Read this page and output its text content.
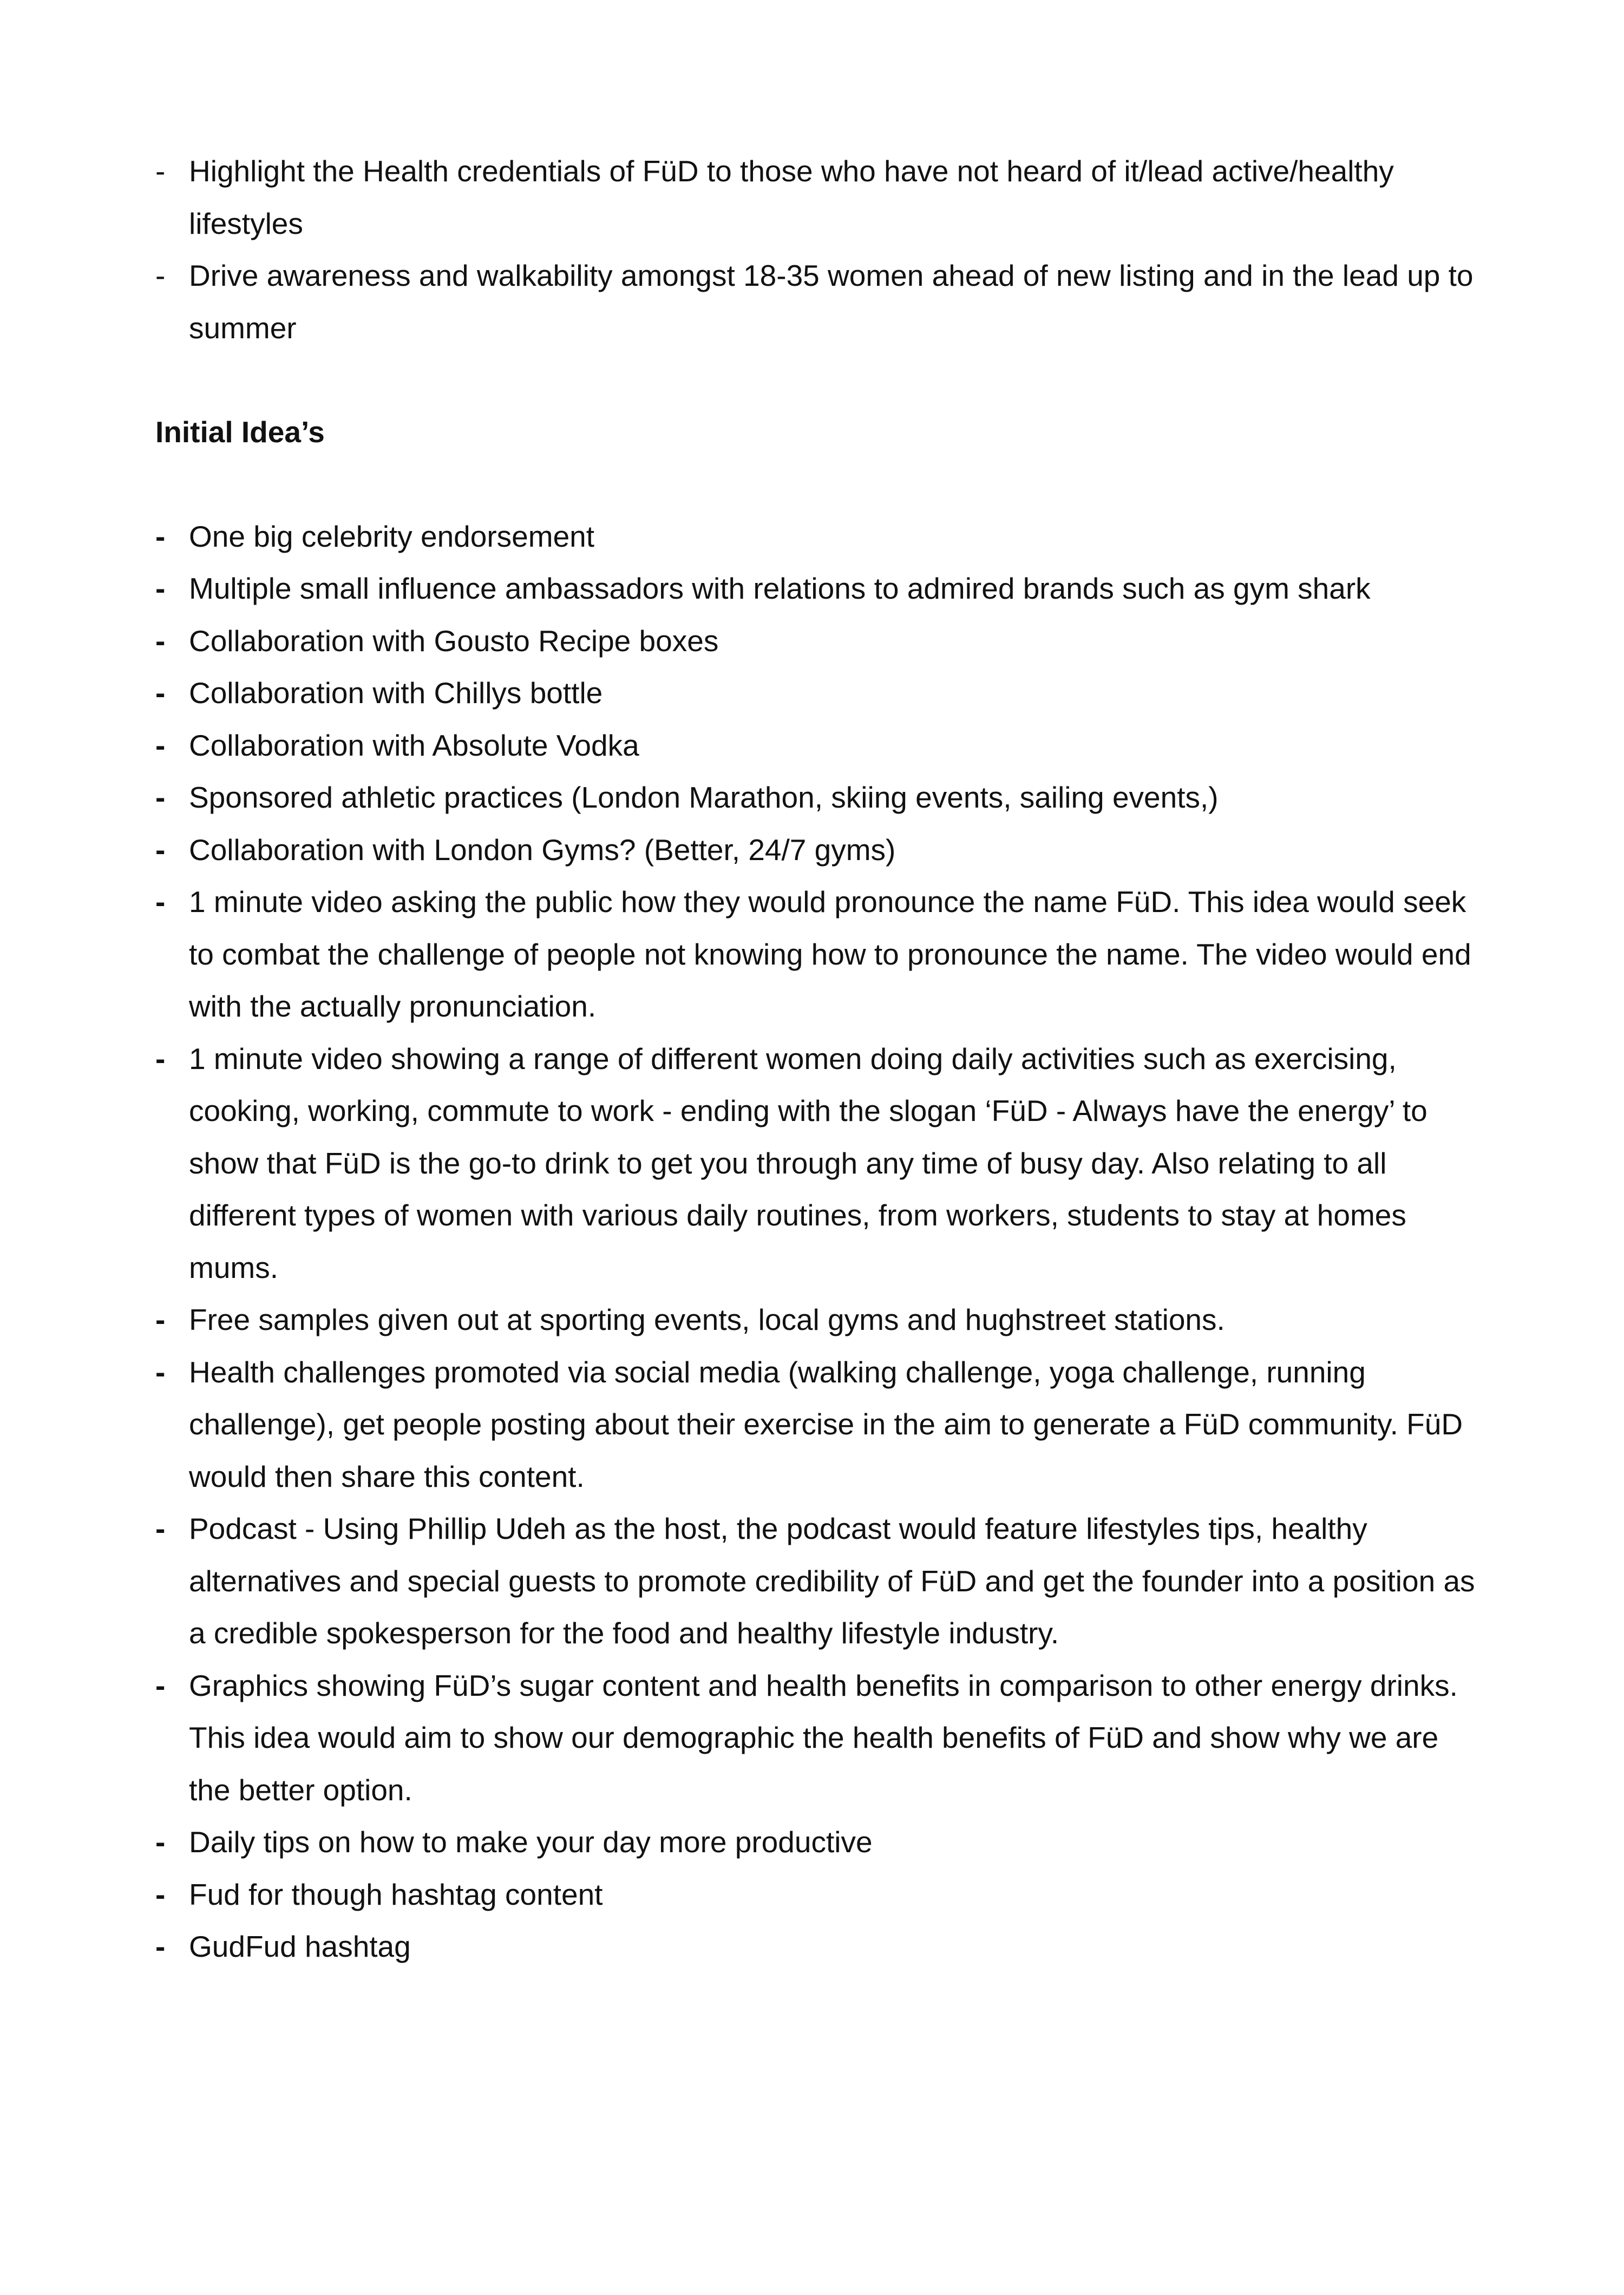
- Highlight the Health credentials of FüD to those who have not heard of it/lead active/healthy lifestyles
- Drive awareness and walkability amongst 18-35 women ahead of new listing and in the lead up to summer
Initial Idea’s
- One big celebrity endorsement
- Multiple small influence ambassadors with relations to admired brands such as gym shark
- Collaboration with Gousto Recipe boxes
- Collaboration with Chillys bottle
- Collaboration with Absolute Vodka
- Sponsored athletic practices (London Marathon, skiing events, sailing events,)
- Collaboration with London Gyms? (Better, 24/7 gyms)
- 1 minute video asking the public how they would pronounce the name FüD. This idea would seek to combat the challenge of people not knowing how to pronounce the name. The video would end with the actually pronunciation.
- 1 minute video showing a range of different women doing daily activities such as exercising, cooking, working, commute to work - ending with the slogan ‘FüD - Always have the energy’ to show that FüD is the go-to drink to get you through any time of busy day. Also relating to all different types of women with various daily routines, from workers, students to stay at homes mums.
- Free samples given out at sporting events, local gyms and hughstreet stations.
- Health challenges promoted via social media (walking challenge, yoga challenge, running challenge), get people posting about their exercise in the aim to generate a FüD community. FüD would then share this content.
- Podcast - Using Phillip Udeh as the host, the podcast would feature lifestyles tips, healthy alternatives and special guests to promote credibility of FüD and get the founder into a position as a credible spokesperson for the food and healthy lifestyle industry.
- Graphics showing FüD’s sugar content and health benefits in comparison to other energy drinks. This idea would aim to show our demographic the health benefits of FüD and show why we are the better option.
- Daily tips on how to make your day more productive
- Fud for though hashtag content
- GudFud hashtag
